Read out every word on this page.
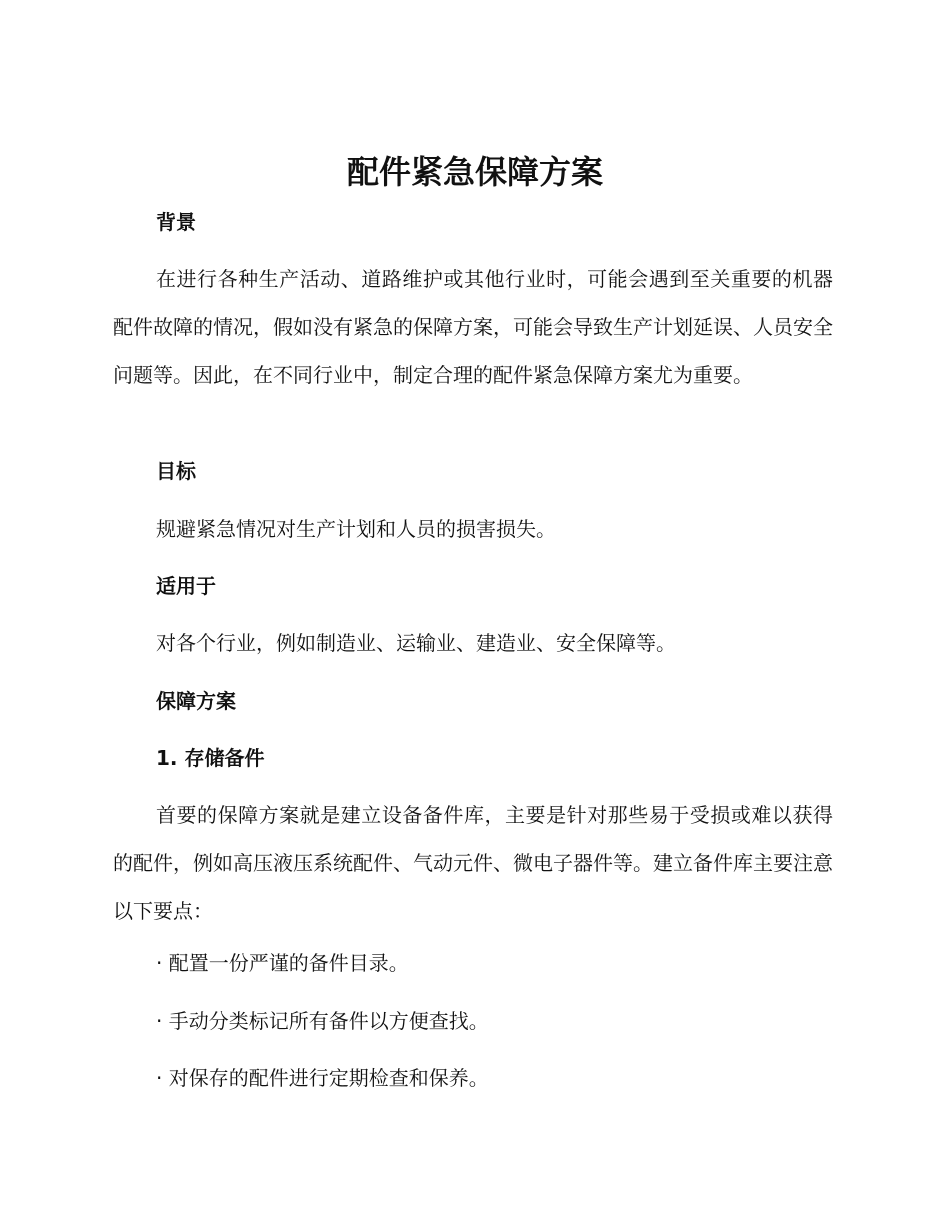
配件紧急保障方案
背景
在进行各种生产活动、道路维护或其他行业时，可能会遇到至关重要的机器配件故障的情况，假如没有紧急的保障方案，可能会导致生产计划延误、人员安全问题等。因此，在不同行业中，制定合理的配件紧急保障方案尤为重要。
目标
规避紧急情况对生产计划和人员的损害损失。
适用于
对各个行业，例如制造业、运输业、建造业、安全保障等。
保障方案
1. 存储备件
首要的保障方案就是建立设备备件库，主要是针对那些易于受损或难以获得的配件，例如高压液压系统配件、气动元件、微电子器件等。建立备件库主要注意以下要点：
· 配置一份严谨的备件目录。
· 手动分类标记所有备件以方便查找。
· 对保存的配件进行定期检查和保养。
